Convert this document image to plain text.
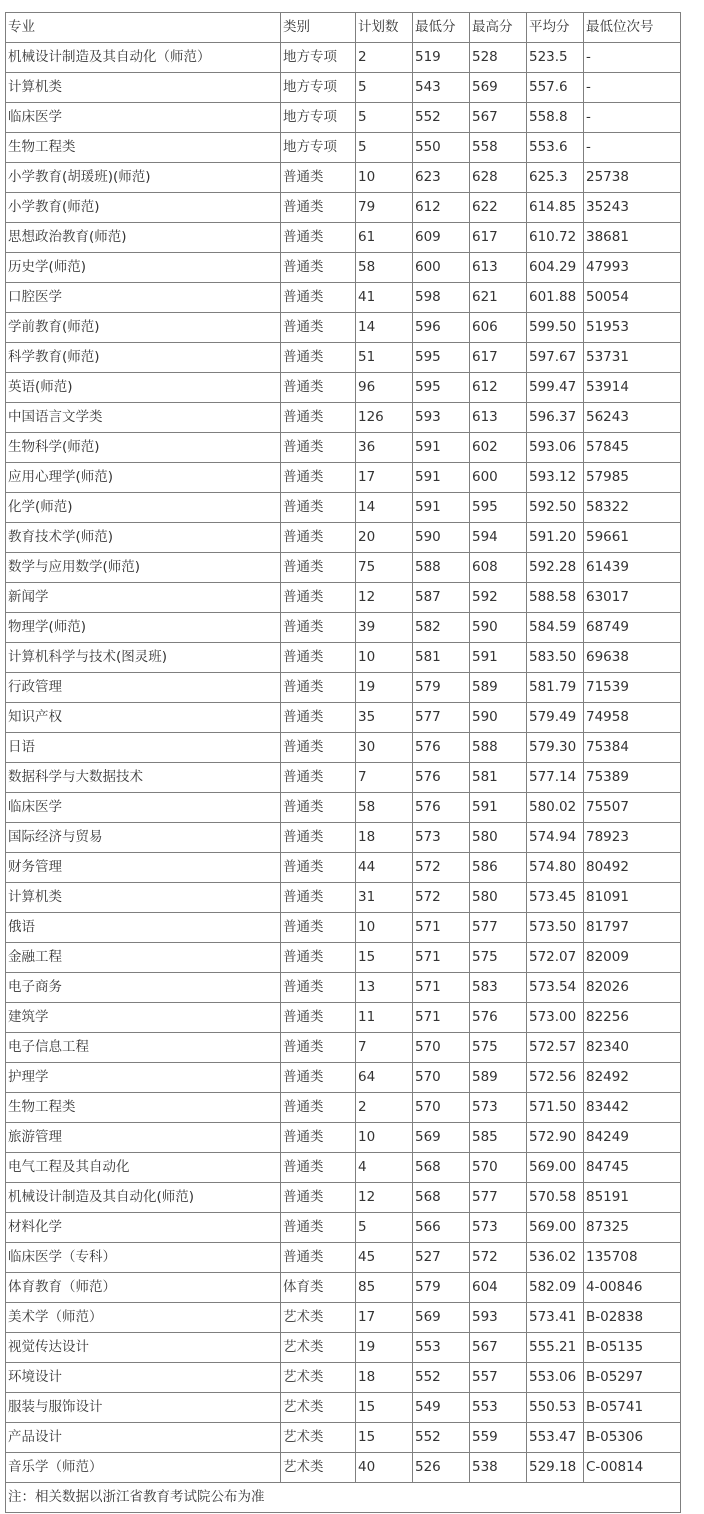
专业	类别	计划数	最低分	最高分	平均分	最低位次号
机械设计制造及其自动化（师范）	地方专项	2	519	528	523.5	-
计算机类	地方专项	5	543	569	557.6	-
临床医学	地方专项	5	552	567	558.8	-
生物工程类	地方专项	5	550	558	553.6	-
小学教育(胡瑗班)(师范)	普通类	10	623	628	625.3	25738
小学教育(师范)	普通类	79	612	622	614.85	35243
思想政治教育(师范)	普通类	61	609	617	610.72	38681
历史学(师范)	普通类	58	600	613	604.29	47993
口腔医学	普通类	41	598	621	601.88	50054
学前教育(师范)	普通类	14	596	606	599.50	51953
科学教育(师范)	普通类	51	595	617	597.67	53731
英语(师范)	普通类	96	595	612	599.47	53914
中国语言文学类	普通类	126	593	613	596.37	56243
生物科学(师范)	普通类	36	591	602	593.06	57845
应用心理学(师范)	普通类	17	591	600	593.12	57985
化学(师范)	普通类	14	591	595	592.50	58322
教育技术学(师范)	普通类	20	590	594	591.20	59661
数学与应用数学(师范)	普通类	75	588	608	592.28	61439
新闻学	普通类	12	587	592	588.58	63017
物理学(师范)	普通类	39	582	590	584.59	68749
计算机科学与技术(图灵班)	普通类	10	581	591	583.50	69638
行政管理	普通类	19	579	589	581.79	71539
知识产权	普通类	35	577	590	579.49	74958
日语	普通类	30	576	588	579.30	75384
数据科学与大数据技术	普通类	7	576	581	577.14	75389
临床医学	普通类	58	576	591	580.02	75507
国际经济与贸易	普通类	18	573	580	574.94	78923
财务管理	普通类	44	572	586	574.80	80492
计算机类	普通类	31	572	580	573.45	81091
俄语	普通类	10	571	577	573.50	81797
金融工程	普通类	15	571	575	572.07	82009
电子商务	普通类	13	571	583	573.54	82026
建筑学	普通类	11	571	576	573.00	82256
电子信息工程	普通类	7	570	575	572.57	82340
护理学	普通类	64	570	589	572.56	82492
生物工程类	普通类	2	570	573	571.50	83442
旅游管理	普通类	10	569	585	572.90	84249
电气工程及其自动化	普通类	4	568	570	569.00	84745
机械设计制造及其自动化(师范)	普通类	12	568	577	570.58	85191
材料化学	普通类	5	566	573	569.00	87325
临床医学（专科）	普通类	45	527	572	536.02	135708
体育教育（师范）	体育类	85	579	604	582.09	4-00846
美术学（师范）	艺术类	17	569	593	573.41	B-02838
视觉传达设计	艺术类	19	553	567	555.21	B-05135
环境设计	艺术类	18	552	557	553.06	B-05297
服装与服饰设计	艺术类	15	549	553	550.53	B-05741
产品设计	艺术类	15	552	559	553.47	B-05306
音乐学（师范）	艺术类	40	526	538	529.18	C-00814
注：相关数据以浙江省教育考试院公布为准						
